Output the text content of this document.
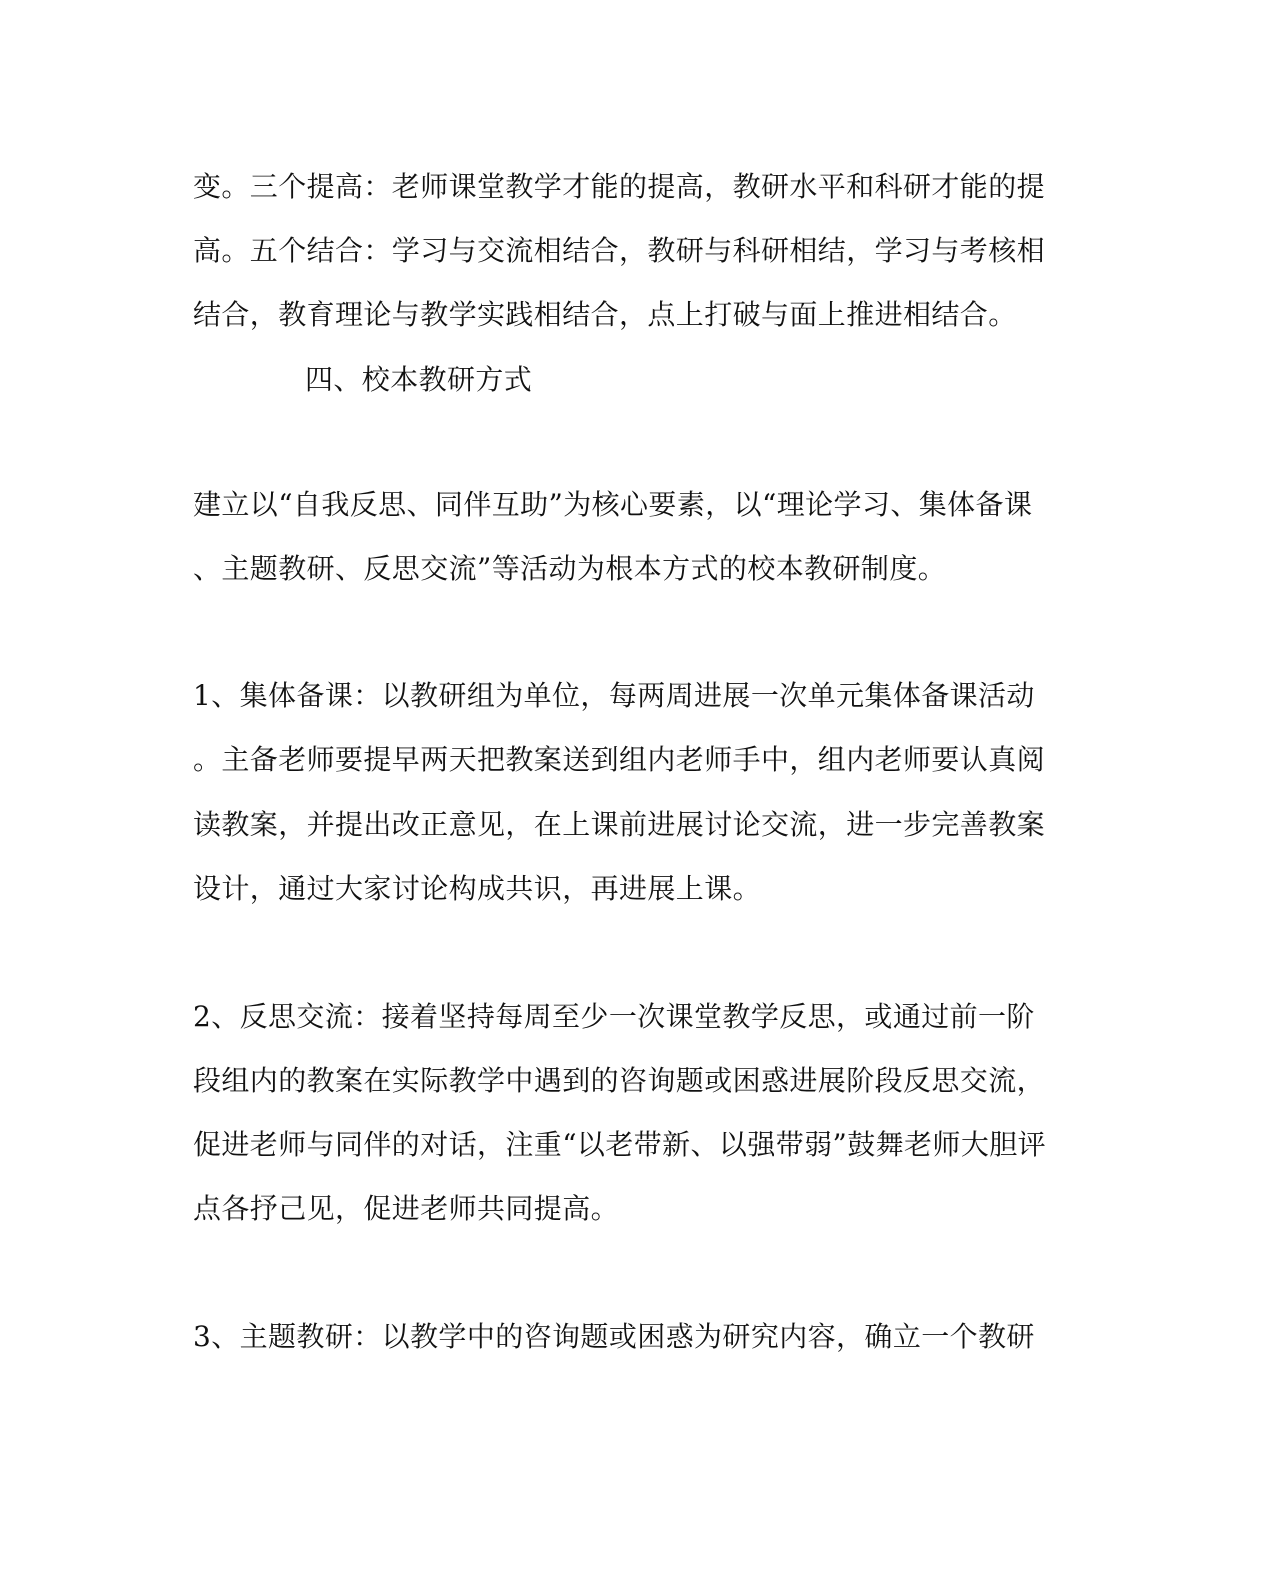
变。三个提高：老师课堂教学才能的提高，教研水平和科研才能的提
高。五个结合：学习与交流相结合，教研与科研相结，学习与考核相
结合，教育理论与教学实践相结合，点上打破与面上推进相结合。
四、校本教研方式
建立以“自我反思、同伴互助”为核心要素，以“理论学习、集体备课
、主题教研、反思交流”等活动为根本方式的校本教研制度。
1、集体备课：以教研组为单位，每两周进展一次单元集体备课活动
。主备老师要提早两天把教案送到组内老师手中，组内老师要认真阅
读教案，并提出改正意见，在上课前进展讨论交流，进一步完善教案
设计，通过大家讨论构成共识，再进展上课。
2、反思交流：接着坚持每周至少一次课堂教学反思，或通过前一阶
段组内的教案在实际教学中遇到的咨询题或困惑进展阶段反思交流，
促进老师与同伴的对话，注重“以老带新、以强带弱”鼓舞老师大胆评
点各抒己见，促进老师共同提高。
3、主题教研：以教学中的咨询题或困惑为研究内容，确立一个教研
